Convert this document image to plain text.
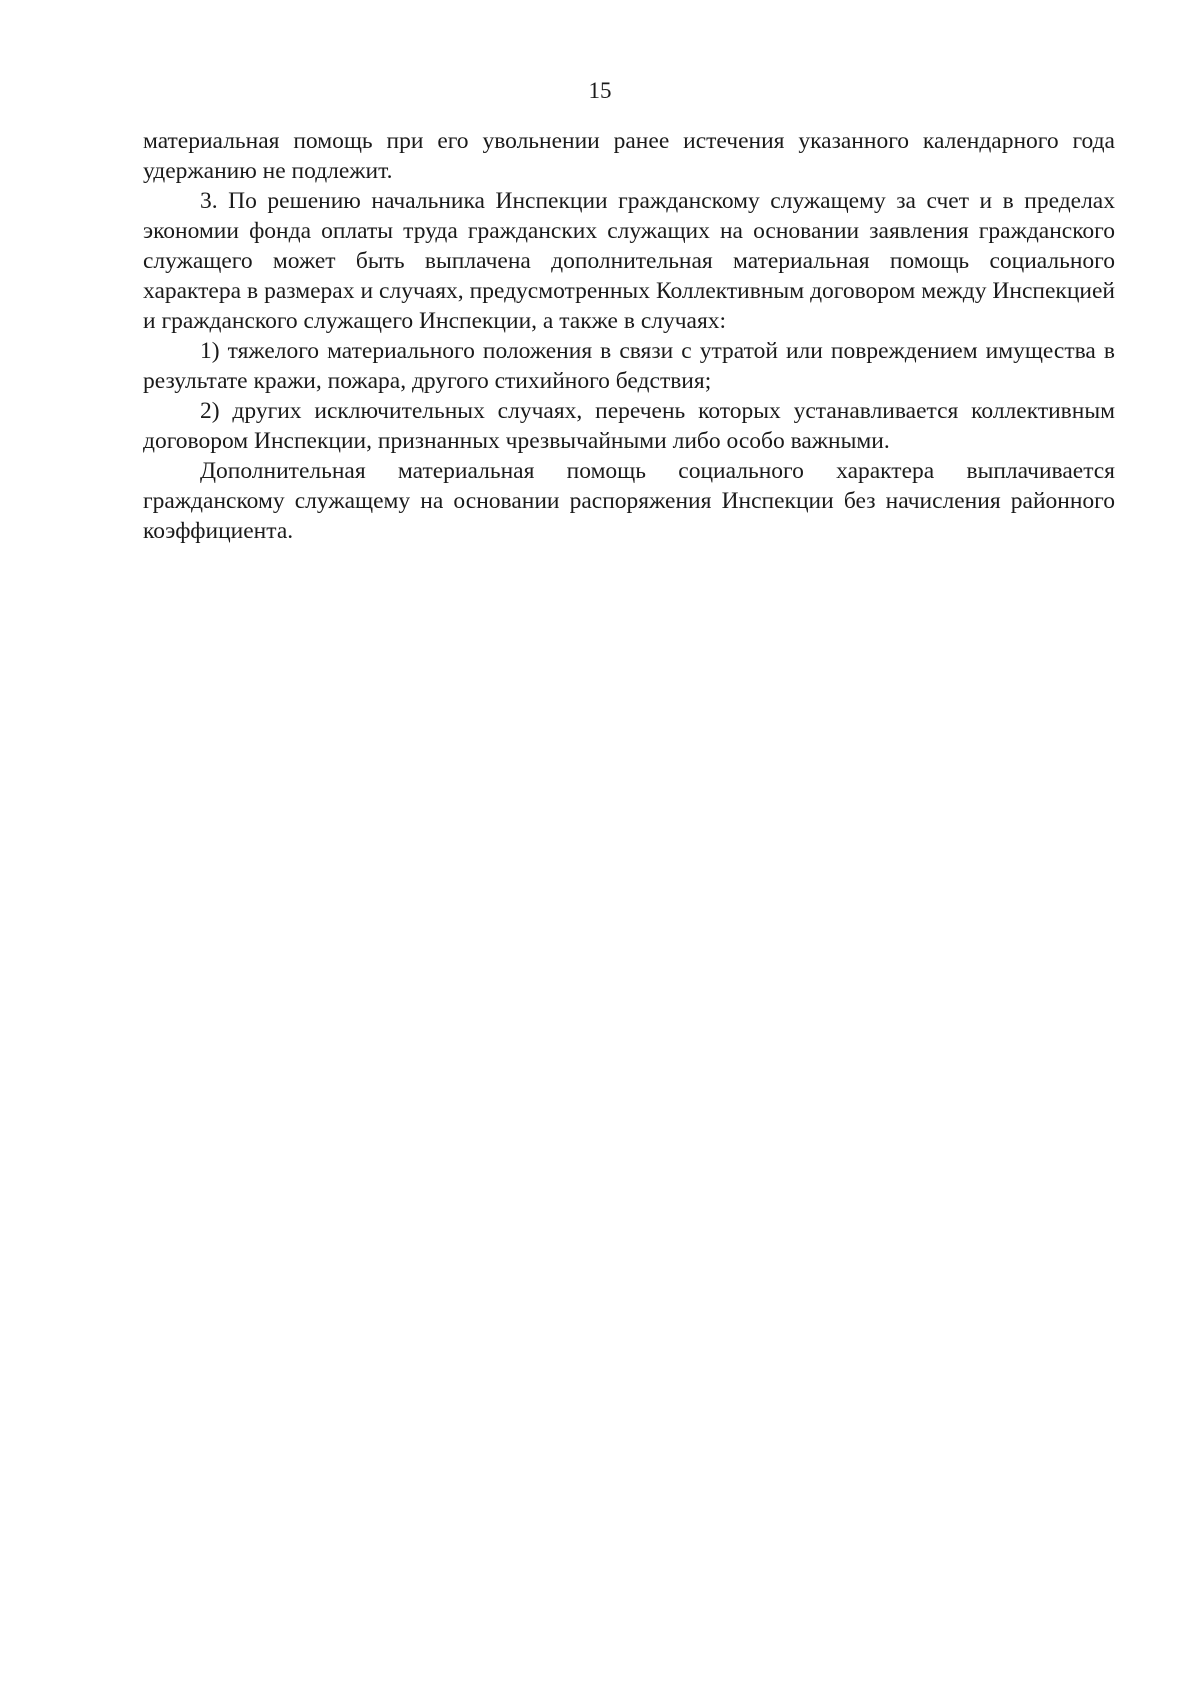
15

материальная помощь при его увольнении ранее истечения указанного календарного года удержанию не подлежит.

3. По решению начальника Инспекции гражданскому служащему за счет и в пределах экономии фонда оплаты труда гражданских служащих на основании заявления гражданского служащего может быть выплачена дополнительная материальная помощь социального характера в размерах и случаях, предусмотренных Коллективным договором между Инспекцией и гражданского служащего Инспекции, а также в случаях:

1) тяжелого материального положения в связи с утратой или повреждением имущества в результате кражи, пожара, другого стихийного бедствия;

2) других исключительных случаях, перечень которых устанавливается коллективным договором Инспекции, признанных чрезвычайными либо особо важными.

Дополнительная материальная помощь социального характера выплачивается гражданскому служащему на основании распоряжения Инспекции без начисления районного коэффициента.
